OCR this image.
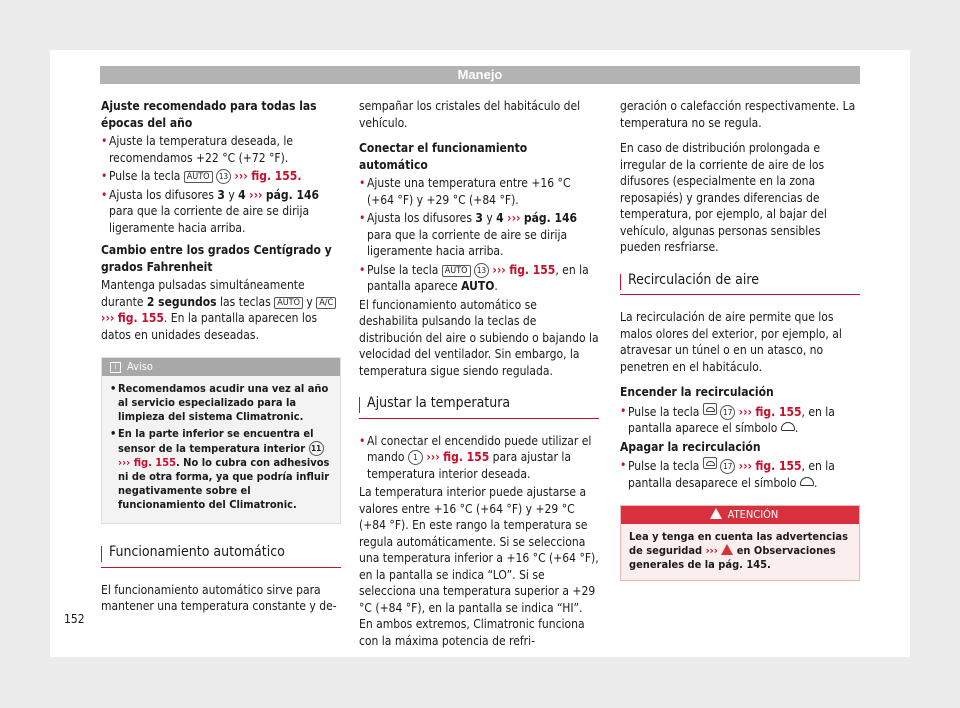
Manejo

Ajuste recomendado para todas las épocas del año

• Ajuste la temperatura deseada, le recomendamos +22 °C (+72 °F).
• Pulse la tecla AUTO 13 ››› fig. 155.

• Ajusta los difusores 3 y 4 ››› pág. 146 para que la corriente de aire se dirija ligeramente hacia arriba.

Cambio entre los grados Centígrado y grados Fahrenheit

Mantenga pulsadas simultáneamente durante 2 segundos las teclas AUTO y A/C
››› fig. 155. En la pantalla aparecen los datos en unidades deseadas.

i Aviso
• Recomendamos acudir una vez al año al servicio especializado para la limpieza del sistema Climatronic.
• En la parte inferior se encuentra el sensor de la temperatura interior 11 ››› fig. 155. No lo cubra con adhesivos ni de otra forma, ya que podría influir negativamente sobre el funcionamiento del Climatronic.
Funcionamiento automático

El funcionamiento automático sirve para mantener una temperatura constante y de-

sempañar los cristales del habitáculo del vehículo.

Conectar el funcionamiento automático

• Ajuste una temperatura entre +16 °C (+64 °F) y +29 °C (+84 °F).
• Ajusta los difusores 3 y 4 ››› pág. 146 para que la corriente de aire se dirija ligeramente hacia arriba.

• Pulse la tecla AUTO 13 ››› fig. 155, en la pantalla aparece AUTO.

El funcionamiento automático se deshabilita pulsando la teclas de distribución del aire o subiendo o bajando la velocidad del ventilador. Sin embargo, la temperatura sigue siendo regulada.

Ajustar la temperatura

• Al conectar el encendido puede utilizar el mando 1 ››› fig. 155 para ajustar la temperatura interior deseada.

La temperatura interior puede ajustarse a valores entre +16 °C (+64 °F) y +29 °C (+84 °F). En este rango la temperatura se regula automáticamente. Si se selecciona una temperatura inferior a +16 °C (+64 °F), en la pantalla se indica “LO”. Si se selecciona una temperatura superior a +29 °C (+84 °F), en la pantalla se indica “HI”. En ambos extremos, Climatronic funciona con la máxima potencia de refri-

geración o calefacción respectivamente. La temperatura no se regula.

En caso de distribución prolongada e irregular de la corriente de aire de los difusores (especialmente en la zona reposapiés) y grandes diferencias de temperatura, por ejemplo, al bajar del vehículo, algunas personas sensibles pueden resfriarse.

Recirculación de aire

La recirculación de aire permite que los malos olores del exterior, por ejemplo, al atravesar un túnel o en un atasco, no penetren en el habitáculo.

Encender la recirculación

• Pulse la tecla	17 ››› fig. 155, en la pantalla aparece el símbolo .

Apagar la recirculación

• Pulse la tecla	17 ››› fig. 155, en la pantalla desaparece el símbolo .

ATENCIÓN
Lea y tenga en cuenta las advertencias de seguridad ››› en Observaciones generales de la pág. 145.
152
